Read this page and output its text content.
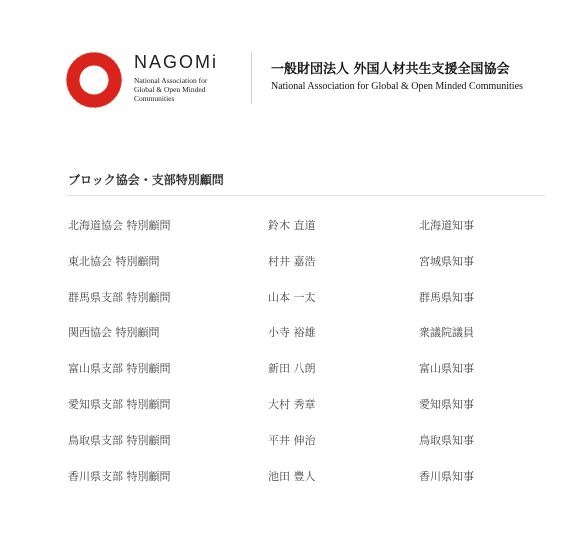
NAGOMi
National Association for
Global & Open Minded
Communities
一般財団法人 外国人材共生支援全国協会
National Association for Global & Open Minded Communities
ブロック協会・支部特別顧問
北海道協会 特別顧問	鈴木 直道	北海道知事
東北協会 特別顧問	村井 嘉浩	宮城県知事
群馬県支部 特別顧問	山本 一太	群馬県知事
関西協会 特別顧問	小寺 裕雄	衆議院議員
富山県支部 特別顧問	新田 八朗	富山県知事
愛知県支部 特別顧問	大村 秀章	愛知県知事
鳥取県支部 特別顧問	平井 伸治	鳥取県知事
香川県支部 特別顧問	池田 豊人	香川県知事
